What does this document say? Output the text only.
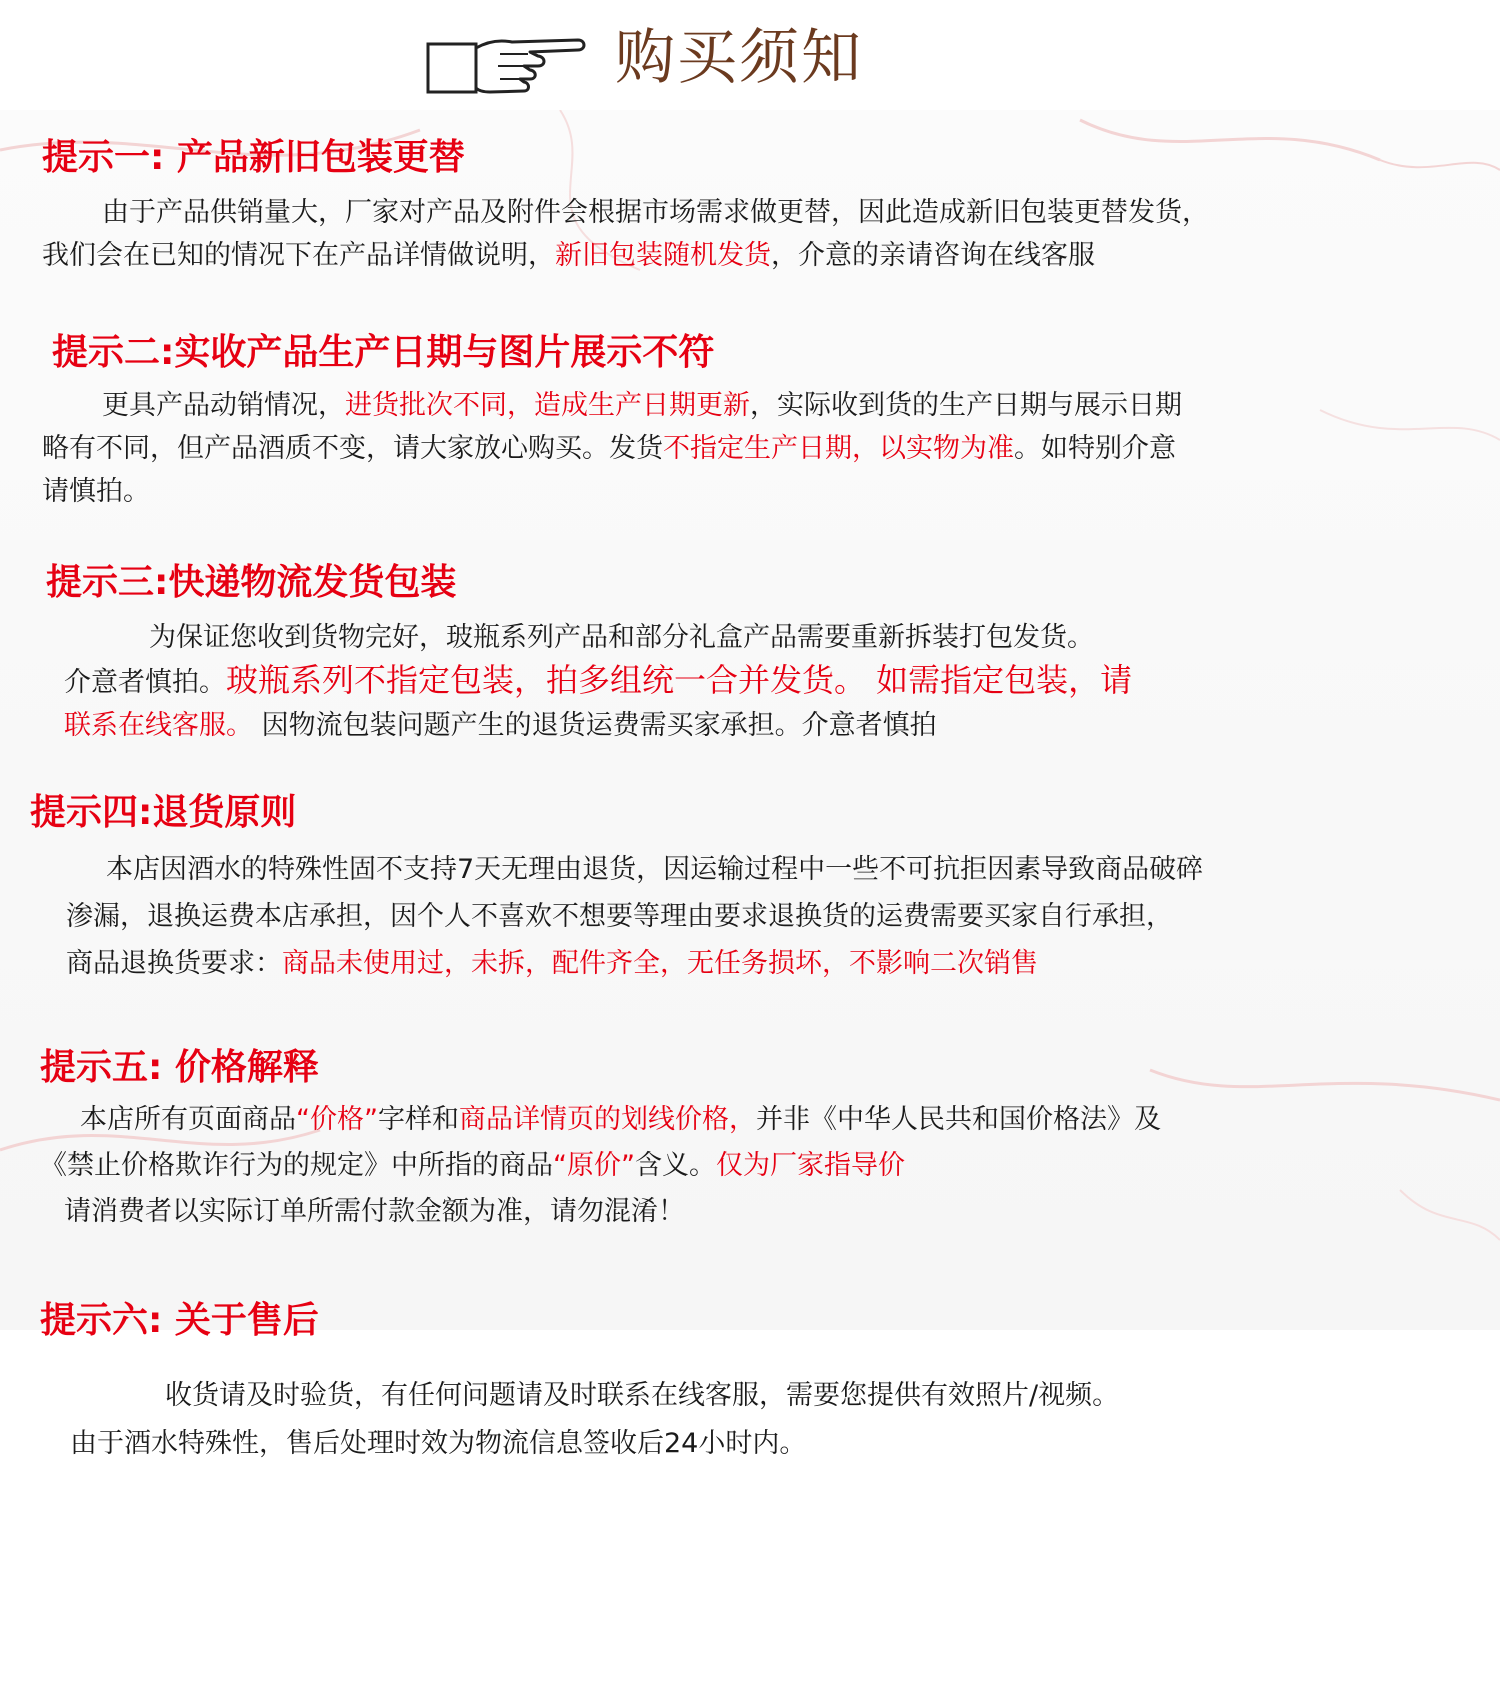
购买须知
提示一: 产品新旧包装更替
由于产品供销量大，厂家对产品及附件会根据市场需求做更替，因此造成新旧包装更替发货，
我们会在已知的情况下在产品详情做说明，新旧包装随机发货，介意的亲请咨询在线客服
提示二:实收产品生产日期与图片展示不符
更具产品动销情况，进货批次不同，造成生产日期更新，实际收到货的生产日期与展示日期
略有不同，但产品酒质不变，请大家放心购买。发货不指定生产日期，以实物为准。如特别介意
请慎拍。
提示三:快递物流发货包装
为保证您收到货物完好，玻瓶系列产品和部分礼盒产品需要重新拆装打包发货。
介意者慎拍。玻瓶系列不指定包装，拍多组统一合并发货。 如需指定包装，请
联系在线客服。 因物流包装问题产生的退货运费需买家承担。介意者慎拍
提示四:退货原则
本店因酒水的特殊性固不支持7天无理由退货，因运输过程中一些不可抗拒因素导致商品破碎
渗漏，退换运费本店承担，因个人不喜欢不想要等理由要求退换货的运费需要买家自行承担，
商品退换货要求：商品未使用过，未拆，配件齐全，无任务损坏，不影响二次销售
提示五: 价格解释
本店所有页面商品“价格”字样和商品详情页的划线价格，并非《中华人民共和国价格法》及
《禁止价格欺诈行为的规定》中所指的商品“原价”含义。仅为厂家指导价
请消费者以实际订单所需付款金额为准，请勿混淆！
提示六: 关于售后
收货请及时验货，有任何问题请及时联系在线客服，需要您提供有效照片/视频。
由于酒水特殊性，售后处理时效为物流信息签收后24小时内。
